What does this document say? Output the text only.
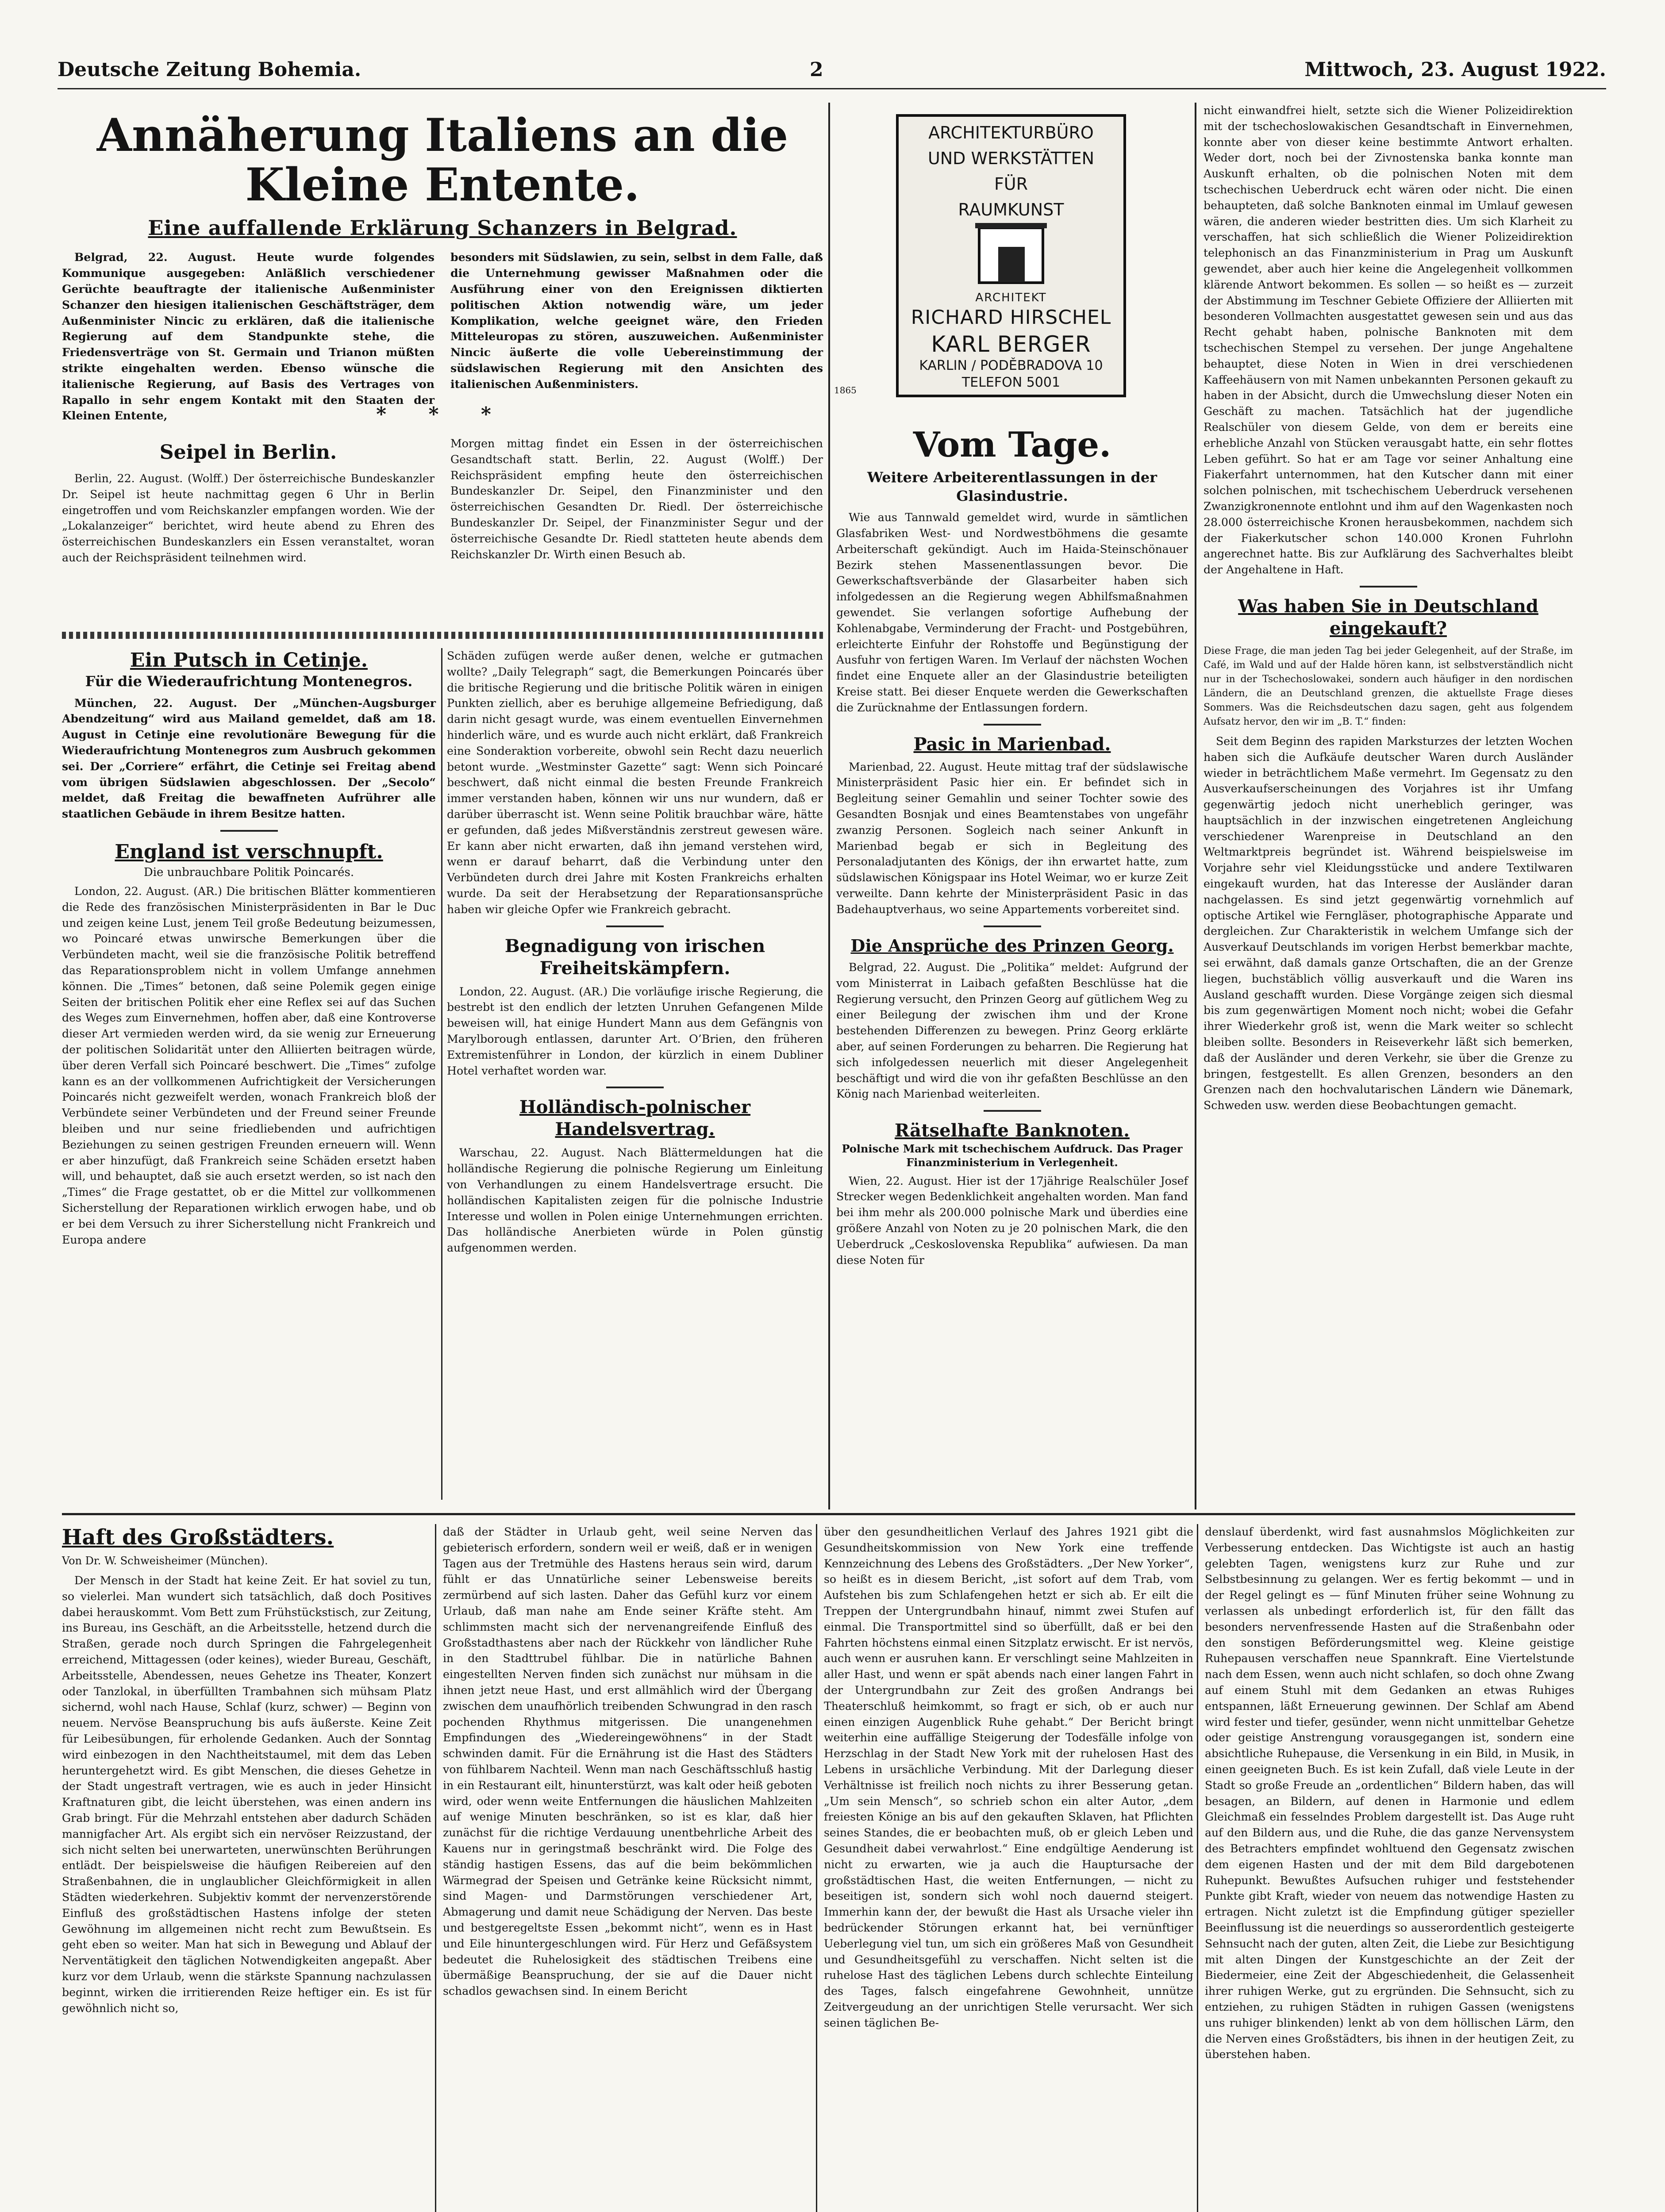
Deutsche Zeitung Bohemia.	2	Mittwoch, 23. August 1922.
Annäherung Italiens an die Kleine Entente.
Eine auffallende Erklärung Schanzers in Belgrad.

Belgrad, 22. August. Heute wurde folgendes Kommunique ausgegeben: Anläßlich verschiedener Gerüchte beauftragte der italienische Außenminister Schanzer den hiesigen italienischen Geschäftsträger, dem Außenminister Nincic zu erklären, daß die italienische Regierung auf dem Standpunkte stehe, die Friedensverträge von St. Germain und Trianon müßten strikte eingehalten werden. Ebenso wünsche die italienische Regierung, auf Basis des Vertrages von Rapallo in sehr engem Kontakt mit den Staaten der Kleinen Entente,

besonders mit Südslawien, zu sein, selbst in dem Falle, daß die Unternehmung gewisser Maßnahmen oder die Ausführung einer von den Ereignissen diktierten politischen Aktion notwendig wäre, um jeder Komplikation, welche geeignet wäre, den Frieden Mitteleuropas zu stören, auszuweichen. Außenminister Nincic äußerte die volle Uebereinstimmung der südslawischen Regierung mit den Ansichten des italienischen Außenministers.

* * *
Seipel in Berlin.

Berlin, 22. August. (Wolff.) Der österreichische Bundeskanzler Dr. Seipel ist heute nachmittag gegen 6 Uhr in Berlin eingetroffen und vom Reichskanzler empfangen worden. Wie der „Lokalanzeiger“ berichtet, wird heute abend zu Ehren des österreichischen Bundeskanzlers ein Essen veranstaltet, woran auch der Reichspräsident teilnehmen wird.

Morgen mittag findet ein Essen in der österreichischen Gesandtschaft statt. Berlin, 22. August (Wolff.) Der Reichspräsident empfing heute den österreichischen Bundeskanzler Dr. Seipel, den Finanzminister und den österreichischen Gesandten Dr. Riedl. Der österreichische Bundeskanzler Dr. Seipel, der Finanzminister Segur und der österreichische Gesandte Dr. Riedl statteten heute abends dem Reichskanzler Dr. Wirth einen Besuch ab.

Ein Putsch in Cetinje.
Für die Wiederaufrichtung Montenegros.

München, 22. August. Der „München-Augsburger Abendzeitung“ wird aus Mailand gemeldet, daß am 18. August in Cetinje eine revolutionäre Bewegung für die Wiederaufrichtung Montenegros zum Ausbruch gekommen sei. Der „Corriere“ erfährt, die Cetinje sei Freitag abend vom übrigen Südslawien abgeschlossen. Der „Secolo“ meldet, daß Freitag die bewaffneten Aufrührer alle staatlichen Gebäude in ihrem Besitze hatten.

England ist verschnupft.
Die unbrauchbare Politik Poincarés.

London, 22. August. (AR.) Die britischen Blätter kommentieren die Rede des französischen Ministerpräsidenten in Bar le Duc und zeigen keine Lust, jenem Teil große Bedeutung beizumessen, wo Poincaré etwas unwirsche Bemerkungen über die Verbündeten macht, weil sie die französische Politik betreffend das Reparationsproblem nicht in vollem Umfange annehmen können. Die „Times“ betonen, daß seine Polemik gegen einige Seiten der britischen Politik eher eine Reflex sei auf das Suchen des Weges zum Einvernehmen, hoffen aber, daß eine Kontroverse dieser Art vermieden werden wird, da sie wenig zur Erneuerung der politischen Solidarität unter den Alliierten beitragen würde, über deren Verfall sich Poincaré beschwert. Die „Times“ zufolge kann es an der vollkommenen Aufrichtigkeit der Versicherungen Poincarés nicht gezweifelt werden, wonach Frankreich bloß der Verbündete seiner Verbündeten und der Freund seiner Freunde bleiben und nur seine friedliebenden und aufrichtigen Beziehungen zu seinen gestrigen Freunden erneuern will. Wenn er aber hinzufügt, daß Frankreich seine Schäden ersetzt haben will, und behauptet, daß sie auch ersetzt werden, so ist nach den „Times“ die Frage gestattet, ob er die Mittel zur vollkommenen Sicherstellung der Reparationen wirklich erwogen habe, und ob er bei dem Versuch zu ihrer Sicherstellung nicht Frankreich und Europa andere

Schäden zufügen werde außer denen, welche er gutmachen wollte? „Daily Telegraph“ sagt, die Bemerkungen Poincarés über die britische Regierung und die britische Politik wären in einigen Punkten ziellich, aber es beruhige allgemeine Befriedigung, daß darin nicht gesagt wurde, was einem eventuellen Einvernehmen hinderlich wäre, und es wurde auch nicht erklärt, daß Frankreich eine Sonderaktion vorbereite, obwohl sein Recht dazu neuerlich betont wurde. „Westminster Gazette“ sagt: Wenn sich Poincaré beschwert, daß nicht einmal die besten Freunde Frankreich immer verstanden haben, können wir uns nur wundern, daß er darüber überrascht ist. Wenn seine Politik brauchbar wäre, hätte er gefunden, daß jedes Mißverständnis zerstreut gewesen wäre. Er kann aber nicht erwarten, daß ihn jemand verstehen wird, wenn er darauf beharrt, daß die Verbindung unter den Verbündeten durch drei Jahre mit Kosten Frankreichs erhalten wurde. Da seit der Herabsetzung der Reparationsansprüche haben wir gleiche Opfer wie Frankreich gebracht.

Begnadigung von irischen Freiheitskämpfern.

London, 22. August. (AR.) Die vorläufige irische Regierung, die bestrebt ist den endlich der letzten Unruhen Gefangenen Milde beweisen will, hat einige Hundert Mann aus dem Gefängnis von Marylborough entlassen, darunter Art. O’Brien, den früheren Extremistenführer in London, der kürzlich in einem Dubliner Hotel verhaftet worden war.

Holländisch-polnischer Handelsvertrag.

Warschau, 22. August. Nach Blättermeldungen hat die holländische Regierung die polnische Regierung um Einleitung von Verhandlungen zu einem Handelsvertrage ersucht. Die holländischen Kapitalisten zeigen für die polnische Industrie Interesse und wollen in Polen einige Unternehmungen errichten. Das holländische Anerbieten würde in Polen günstig aufgenommen werden.

ARCHITEKTURBÜRO
UND WERKSTÄTTEN
FÜR
RAUMKUNST
ARCHITEKT
RICHARD HIRSCHEL
KARL BERGER
KARLIN / PODĚBRADOVA 10
TELEFON 5001
1865
Vom Tage.
Weitere Arbeiterentlassungen in der Glasindustrie.

Wie aus Tannwald gemeldet wird, wurde in sämtlichen Glasfabriken West- und Nordwestböhmens die gesamte Arbeiterschaft gekündigt. Auch im Haida-Steinschönauer Bezirk stehen Massenentlassungen bevor. Die Gewerkschaftsverbände der Glasarbeiter haben sich infolgedessen an die Regierung wegen Abhilfsmaßnahmen gewendet. Sie verlangen sofortige Aufhebung der Kohlenabgabe, Verminderung der Fracht- und Postgebühren, erleichterte Einfuhr der Rohstoffe und Begünstigung der Ausfuhr von fertigen Waren. Im Verlauf der nächsten Wochen findet eine Enquete aller an der Glasindustrie beteiligten Kreise statt. Bei dieser Enquete werden die Gewerkschaften die Zurücknahme der Entlassungen fordern.

Pasic in Marienbad.

Marienbad, 22. August. Heute mittag traf der südslawische Ministerpräsident Pasic hier ein. Er befindet sich in Begleitung seiner Gemahlin und seiner Tochter sowie des Gesandten Bosnjak und eines Beamtenstabes von ungefähr zwanzig Personen. Sogleich nach seiner Ankunft in Marienbad begab er sich in Begleitung des Personaladjutanten des Königs, der ihn erwartet hatte, zum südslawischen Königspaar ins Hotel Weimar, wo er kurze Zeit verweilte. Dann kehrte der Ministerpräsident Pasic in das Badehauptverhaus, wo seine Appartements vorbereitet sind.

Die Ansprüche des Prinzen Georg.

Belgrad, 22. August. Die „Politika“ meldet: Aufgrund der vom Ministerrat in Laibach gefaßten Beschlüsse hat die Regierung versucht, den Prinzen Georg auf gütlichem Weg zu einer Beilegung der zwischen ihm und der Krone bestehenden Differenzen zu bewegen. Prinz Georg erklärte aber, auf seinen Forderungen zu beharren. Die Regierung hat sich infolgedessen neuerlich mit dieser Angelegenheit beschäftigt und wird die von ihr gefaßten Beschlüsse an den König nach Marienbad weiterleiten.

Rätselhafte Banknoten.
Polnische Mark mit tschechischem Aufdruck. Das Prager Finanzministerium in Verlegenheit.

Wien, 22. August. Hier ist der 17jährige Realschüler Josef Strecker wegen Bedenklichkeit angehalten worden. Man fand bei ihm mehr als 200.000 polnische Mark und überdies eine größere Anzahl von Noten zu je 20 polnischen Mark, die den Ueberdruck „Ceskoslovenska Republika“ aufwiesen. Da man diese Noten für

nicht einwandfrei hielt, setzte sich die Wiener Polizeidirektion mit der tschechoslowakischen Gesandtschaft in Einvernehmen, konnte aber von dieser keine bestimmte Antwort erhalten. Weder dort, noch bei der Zivnostenska banka konnte man Auskunft erhalten, ob die polnischen Noten mit dem tschechischen Ueberdruck echt wären oder nicht. Die einen behaupteten, daß solche Banknoten einmal im Umlauf gewesen wären, die anderen wieder bestritten dies. Um sich Klarheit zu verschaffen, hat sich schließlich die Wiener Polizeidirektion telephonisch an das Finanzministerium in Prag um Auskunft gewendet, aber auch hier keine die Angelegenheit vollkommen klärende Antwort bekommen. Es sollen — so heißt es — zurzeit der Abstimmung im Teschner Gebiete Offiziere der Alliierten mit besonderen Vollmachten ausgestattet gewesen sein und aus das Recht gehabt haben, polnische Banknoten mit dem tschechischen Stempel zu versehen. Der junge Angehaltene behauptet, diese Noten in Wien in drei verschiedenen Kaffeehäusern von mit Namen unbekannten Personen gekauft zu haben in der Absicht, durch die Umwechslung dieser Noten ein Geschäft zu machen. Tatsächlich hat der jugendliche Realschüler von diesem Gelde, von dem er bereits eine erhebliche Anzahl von Stücken verausgabt hatte, ein sehr flottes Leben geführt. So hat er am Tage vor seiner Anhaltung eine Fiakerfahrt unternommen, hat den Kutscher dann mit einer solchen polnischen, mit tschechischem Ueberdruck versehenen Zwanzigkronennote entlohnt und ihm auf den Wagenkasten noch 28.000 österreichische Kronen herausbekommen, nachdem sich der Fiakerkutscher schon 140.000 Kronen Fuhrlohn angerechnet hatte. Bis zur Aufklärung des Sachverhaltes bleibt der Angehaltene in Haft.

Was haben Sie in Deutschland eingekauft?

Diese Frage, die man jeden Tag bei jeder Gelegenheit, auf der Straße, im Café, im Wald und auf der Halde hören kann, ist selbstverständlich nicht nur in der Tschechoslowakei, sondern auch häufiger in den nordischen Ländern, die an Deutschland grenzen, die aktuellste Frage dieses Sommers. Was die Reichsdeutschen dazu sagen, geht aus folgendem Aufsatz hervor, den wir im „B. T.“ finden:

Seit dem Beginn des rapiden Marksturzes der letzten Wochen haben sich die Aufkäufe deutscher Waren durch Ausländer wieder in beträchtlichem Maße vermehrt. Im Gegensatz zu den Ausverkaufserscheinungen des Vorjahres ist ihr Umfang gegenwärtig jedoch nicht unerheblich geringer, was hauptsächlich in der inzwischen eingetretenen Angleichung verschiedener Warenpreise in Deutschland an den Weltmarktpreis begründet ist. Während beispielsweise im Vorjahre sehr viel Kleidungsstücke und andere Textilwaren eingekauft wurden, hat das Interesse der Ausländer daran nachgelassen. Es sind jetzt gegenwärtig vornehmlich auf optische Artikel wie Ferngläser, photographische Apparate und dergleichen. Zur Charakteristik in welchem Umfange sich der Ausverkauf Deutschlands im vorigen Herbst bemerkbar machte, sei erwähnt, daß damals ganze Ortschaften, die an der Grenze liegen, buchstäblich völlig ausverkauft und die Waren ins Ausland geschafft wurden. Diese Vorgänge zeigen sich diesmal bis zum gegenwärtigen Moment noch nicht; wobei die Gefahr ihrer Wiederkehr groß ist, wenn die Mark weiter so schlecht bleiben sollte. Besonders in Reiseverkehr läßt sich bemerken, daß der Ausländer und deren Verkehr, sie über die Grenze zu bringen, festgestellt. Es allen Grenzen, besonders an den Grenzen nach den hochvalutarischen Ländern wie Dänemark, Schweden usw. werden diese Beobachtungen gemacht.

Haft des Großstädters.
Von Dr. W. Schweisheimer (München).

Der Mensch in der Stadt hat keine Zeit. Er hat soviel zu tun, so vielerlei. Man wundert sich tatsächlich, daß doch Positives dabei herauskommt. Vom Bett zum Frühstückstisch, zur Zeitung, ins Bureau, ins Geschäft, an die Arbeitsstelle, hetzend durch die Straßen, gerade noch durch Springen die Fahrgelegenheit erreichend, Mittagessen (oder keines), wieder Bureau, Geschäft, Arbeitsstelle, Abendessen, neues Gehetze ins Theater, Konzert oder Tanzlokal, in überfüllten Trambahnen sich mühsam Platz sichernd, wohl nach Hause, Schlaf (kurz, schwer) — Beginn von neuem. Nervöse Beanspruchung bis aufs äußerste. Keine Zeit für Leibesübungen, für erholende Gedanken. Auch der Sonntag wird einbezogen in den Nachtheitstaumel, mit dem das Leben heruntergehetzt wird. Es gibt Menschen, die dieses Gehetze in der Stadt ungestraft vertragen, wie es auch in jeder Hinsicht Kraftnaturen gibt, die leicht überstehen, was einen andern ins Grab bringt. Für die Mehrzahl entstehen aber dadurch Schäden mannigfacher Art. Als ergibt sich ein nervöser Reizzustand, der sich nicht selten bei unerwarteten, unerwünschten Berührungen entlädt. Der beispielsweise die häufigen Reibereien auf den Straßenbahnen, die in unglaublicher Gleichförmigkeit in allen Städten wiederkehren. Subjektiv kommt der nervenzerstörende Einfluß des großstädtischen Hastens infolge der steten Gewöhnung im allgemeinen nicht recht zum Bewußtsein. Es geht eben so weiter. Man hat sich in Bewegung und Ablauf der Nerventätigkeit den täglichen Notwendigkeiten angepaßt. Aber kurz vor dem Urlaub, wenn die stärkste Spannung nachzulassen beginnt, wirken die irritierenden Reize heftiger ein. Es ist für gewöhnlich nicht so,

daß der Städter in Urlaub geht, weil seine Nerven das gebieterisch erfordern, sondern weil er weiß, daß er in wenigen Tagen aus der Tretmühle des Hastens heraus sein wird, darum fühlt er das Unnatürliche seiner Lebensweise bereits zermürbend auf sich lasten. Daher das Gefühl kurz vor einem Urlaub, daß man nahe am Ende seiner Kräfte steht. Am schlimmsten macht sich der nervenangreifende Einfluß des Großstadthastens aber nach der Rückkehr von ländlicher Ruhe in den Stadttrubel fühlbar. Die in natürliche Bahnen eingestellten Nerven finden sich zunächst nur mühsam in die ihnen jetzt neue Hast, und erst allmählich wird der Übergang zwischen dem unaufhörlich treibenden Schwungrad in den rasch pochenden Rhythmus mitgerissen. Die unangenehmen Empfindungen des „Wiedereingewöhnens“ in der Stadt schwinden damit. Für die Ernährung ist die Hast des Städters von fühlbarem Nachteil. Wenn man nach Geschäftsschluß hastig in ein Restaurant eilt, hinunterstürzt, was kalt oder heiß geboten wird, oder wenn weite Entfernungen die häuslichen Mahlzeiten auf wenige Minuten beschränken, so ist es klar, daß hier zunächst für die richtige Verdauung unentbehrliche Arbeit des Kauens nur in geringstmaß beschränkt wird. Die Folge des ständig hastigen Essens, das auf die beim bekömmlichen Wärmegrad der Speisen und Getränke keine Rücksicht nimmt, sind Magen- und Darmstörungen verschiedener Art, Abmagerung und damit neue Schädigung der Nerven. Das beste und bestgeregeltste Essen „bekommt nicht“, wenn es in Hast und Eile hinuntergeschlungen wird. Für Herz und Gefäßsystem bedeutet die Ruhelosigkeit des städtischen Treibens eine übermäßige Beanspruchung, der sie auf die Dauer nicht schadlos gewachsen sind. In einem Bericht

über den gesundheitlichen Verlauf des Jahres 1921 gibt die Gesundheitskommission von New York eine treffende Kennzeichnung des Lebens des Großstädters. „Der New Yorker“, so heißt es in diesem Bericht, „ist sofort auf dem Trab, vom Aufstehen bis zum Schlafengehen hetzt er sich ab. Er eilt die Treppen der Untergrundbahn hinauf, nimmt zwei Stufen auf einmal. Die Transportmittel sind so überfüllt, daß er bei den Fahrten höchstens einmal einen Sitzplatz erwischt. Er ist nervös, auch wenn er ausruhen kann. Er verschlingt seine Mahlzeiten in aller Hast, und wenn er spät abends nach einer langen Fahrt in der Untergrundbahn zur Zeit des großen Andrangs bei Theaterschluß heimkommt, so fragt er sich, ob er auch nur einen einzigen Augenblick Ruhe gehabt.“ Der Bericht bringt weiterhin eine auffällige Steigerung der Todesfälle infolge von Herzschlag in der Stadt New York mit der ruhelosen Hast des Lebens in ursächliche Verbindung. Mit der Darlegung dieser Verhältnisse ist freilich noch nichts zu ihrer Besserung getan. „Um sein Mensch“, so schrieb schon ein alter Autor, „dem freiesten Könige an bis auf den gekauften Sklaven, hat Pflichten seines Standes, die er beobachten muß, ob er gleich Leben und Gesundheit dabei verwahrlost.“ Eine endgültige Aenderung ist nicht zu erwarten, wie ja auch die Hauptursache der großstädtischen Hast, die weiten Entfernungen, — nicht zu beseitigen ist, sondern sich wohl noch dauernd steigert. Immerhin kann der, der bewußt die Hast als Ursache vieler ihn bedrückender Störungen erkannt hat, bei vernünftiger Ueberlegung viel tun, um sich ein größeres Maß von Gesundheit und Gesundheitsgefühl zu verschaffen. Nicht selten ist die ruhelose Hast des täglichen Lebens durch schlechte Einteilung des Tages, falsch eingefahrene Gewohnheit, unnütze Zeitvergeudung an der unrichtigen Stelle verursacht. Wer sich seinen täglichen Be-

denslauf überdenkt, wird fast ausnahmslos Möglichkeiten zur Verbesserung entdecken. Das Wichtigste ist auch an hastig gelebten Tagen, wenigstens kurz zur Ruhe und zur Selbstbesinnung zu gelangen. Wer es fertig bekommt — und in der Regel gelingt es — fünf Minuten früher seine Wohnung zu verlassen als unbedingt erforderlich ist, für den fällt das besonders nervenfressende Hasten auf die Straßenbahn oder den sonstigen Beförderungsmittel weg. Kleine geistige Ruhepausen verschaffen neue Spannkraft. Eine Viertelstunde nach dem Essen, wenn auch nicht schlafen, so doch ohne Zwang auf einem Stuhl mit dem Gedanken an etwas Ruhiges entspannen, läßt Erneuerung gewinnen. Der Schlaf am Abend wird fester und tiefer, gesünder, wenn nicht unmittelbar Gehetze oder geistige Anstrengung vorausgegangen ist, sondern eine absichtliche Ruhepause, die Versenkung in ein Bild, in Musik, in einen geeigneten Buch. Es ist kein Zufall, daß viele Leute in der Stadt so große Freude an „ordentlichen“ Bildern haben, das will besagen, an Bildern, auf denen in Harmonie und edlem Gleichmaß ein fesselndes Problem dargestellt ist. Das Auge ruht auf den Bildern aus, und die Ruhe, die das ganze Nervensystem des Betrachters empfindet wohltuend den Gegensatz zwischen dem eigenen Hasten und der mit dem Bild dargebotenen Ruhepunkt. Bewußtes Aufsuchen ruhiger und feststehender Punkte gibt Kraft, wieder von neuem das notwendige Hasten zu ertragen. Nicht zuletzt ist die Empfindung gütiger spezieller Beeinflussung ist die neuerdings so ausserordentlich gesteigerte Sehnsucht nach der guten, alten Zeit, die Liebe zur Besichtigung mit alten Dingen der Kunstgeschichte an der Zeit der Biedermeier, eine Zeit der Abgeschiedenheit, die Gelassenheit ihrer ruhigen Werke, gut zu ergründen. Die Sehnsucht, sich zu entziehen, zu ruhigen Städten in ruhigen Gassen (wenigstens uns ruhiger blinkenden) lenkt ab von dem höllischen Lärm, den die Nerven eines Großstädters, bis ihnen in der heutigen Zeit, zu überstehen haben.
